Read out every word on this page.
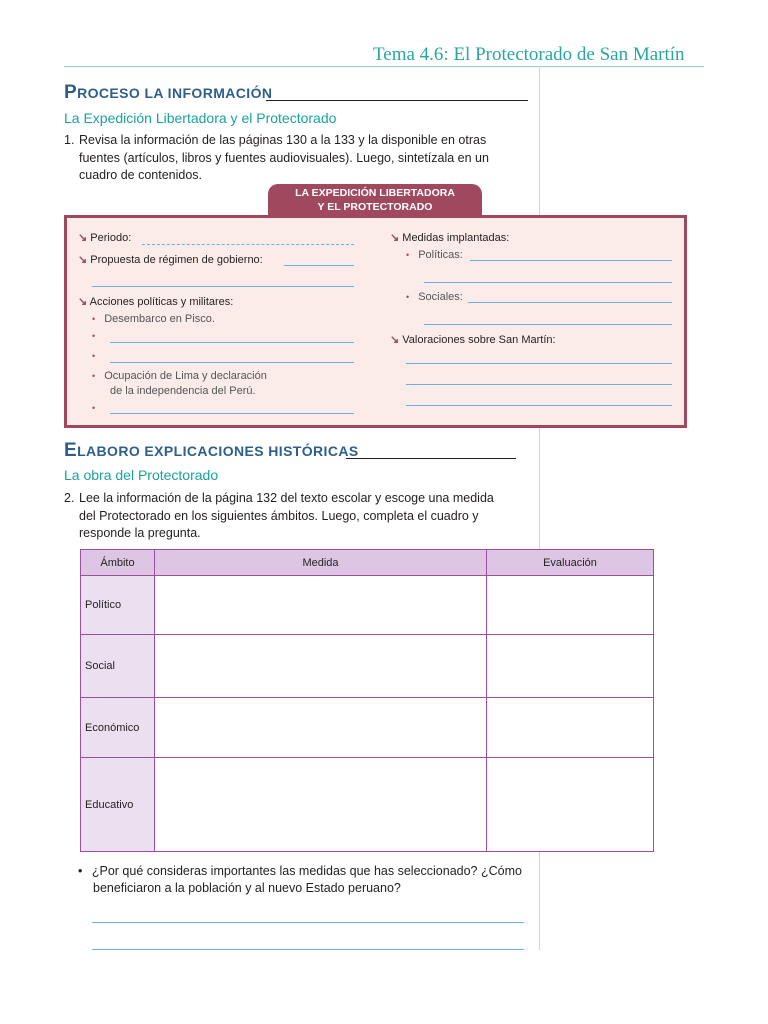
Tema 4.6: El Protectorado de San Martín
PROCESO LA INFORMACIÓN
La Expedición Libertadora y el Protectorado
1. Revisa la información de las páginas 130 a la 133 y la disponible en otras
fuentes (artículos, libros y fuentes audiovisuales). Luego, sintetízala en un
cuadro de contenidos.
LA EXPEDICIÓN LIBERTADORA
Y EL PROTECTORADO
↘ Periodo:
↘ Propuesta de régimen de gobierno:
↘ Acciones políticas y militares:
• Desembarco en Pisco.
•
•
• Ocupación de Lima y declaración
de la independencia del Perú.
•
↘ Medidas implantadas:
• Políticas:
• Sociales:
↘ Valoraciones sobre San Martín:
ELABORO EXPLICACIONES HISTÓRICAS
La obra del Protectorado
2. Lee la información de la página 132 del texto escolar y escoge una medida
del Protectorado en los siguientes ámbitos. Luego, completa el cuadro y
responde la pregunta.
Ámbito	Medida	Evaluación
Político		
Social		
Económico		
Educativo		
• ¿Por qué consideras importantes las medidas que has seleccionado? ¿Cómo
beneficiaron a la población y al nuevo Estado peruano?
